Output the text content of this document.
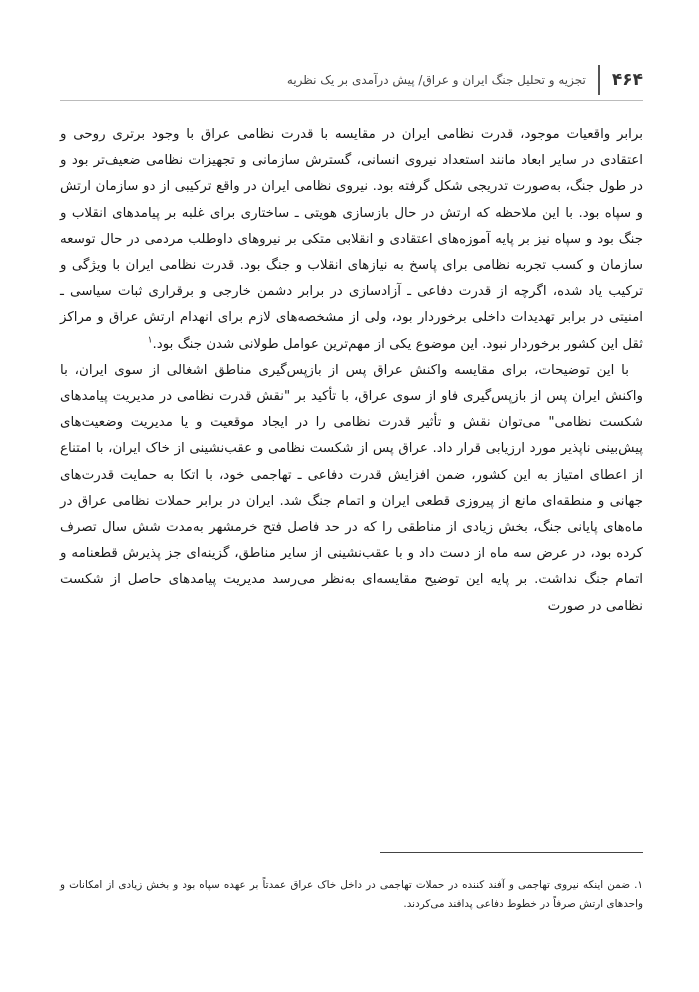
۴۶۴
تجزیه و تحلیل جنگ ایران و عراق/ پیش درآمدی بر یک نظریه

برابر واقعیات موجود، قدرت نظامی ایران در مقایسه با قدرت نظامی عراق با وجود برتری روحی و اعتقادی در سایر ابعاد مانند استعداد نیروی انسانی، گسترش سازمانی و تجهیزات نظامی ضعیف‌تر بود و در طول جنگ، به‌صورت تدریجی شکل گرفته بود. نیروی نظامی ایران در واقع ترکیبی از دو سازمان ارتش و سپاه بود. با این ملاحظه که ارتش در حال بازسازی هویتی ـ ساختاری برای غلبه بر پیامدهای انقلاب و جنگ بود و سپاه نیز بر پایه آموزه‌های اعتقادی و انقلابی متکی بر نیروهای داوطلب مردمی در حال توسعه سازمان و کسب تجربه نظامی برای پاسخ به نیازهای انقلاب و جنگ بود. قدرت نظامی ایران با ویژگی و ترکیب یاد شده، اگرچه از قدرت دفاعی ـ آزادسازی در برابر دشمن خارجی و برقراری ثبات سیاسی ـ امنیتی در برابر تهدیدات داخلی برخوردار بود، ولی از مشخصه‌های لازم برای انهدام ارتش عراق و مراکز ثقل این کشور برخوردار نبود. این موضوع یکی از مهم‌ترین عوامل طولانی شدن جنگ بود.$^۱$

با این توضیحات، برای مقایسه واکنش عراق پس از بازپس‌گیری مناطق اشغالی از سوی ایران، با واکنش ایران پس از بازپس‌گیری فاو از سوی عراق، با تأکید بر "نقش قدرت نظامی در مدیریت پیامدهای شکست نظامی" می‌توان نقش و تأثیر قدرت نظامی را در ایجاد موقعیت و یا مدیریت وضعیت‌های پیش‌بینی ناپذیر مورد ارزیابی قرار داد. عراق پس از شکست نظامی و عقب‌نشینی از خاک ایران، با امتناع از اعطای امتیاز به این کشور، ضمن افزایش قدرت دفاعی ـ تهاجمی خود، با اتکا به حمایت قدرت‌های جهانی و منطقه‌ای مانع از پیروزی قطعی ایران و اتمام جنگ شد. ایران در برابر حملات نظامی عراق در ماه‌های پایانی جنگ، بخش زیادی از مناطقی را که در حد فاصل فتح خرمشهر به‌مدت شش سال تصرف کرده بود، در عرض سه ماه از دست داد و با عقب‌نشینی از سایر مناطق، گزینه‌ای جز پذیرش قطعنامه و اتمام جنگ نداشت. بر پایه این توضیح مقایسه‌ای به‌نظر می‌رسد مدیریت پیامدهای حاصل از شکست نظامی در صورت

۱. ضمن اینکه نیروی تهاجمی و آفند کننده در حملات تهاجمی در داخل خاک عراق عمدتاً بر عهده سپاه بود و بخش زیادی از امکانات و واحدهای ارتش صرفاً در خطوط دفاعی پدافند می‌کردند.
